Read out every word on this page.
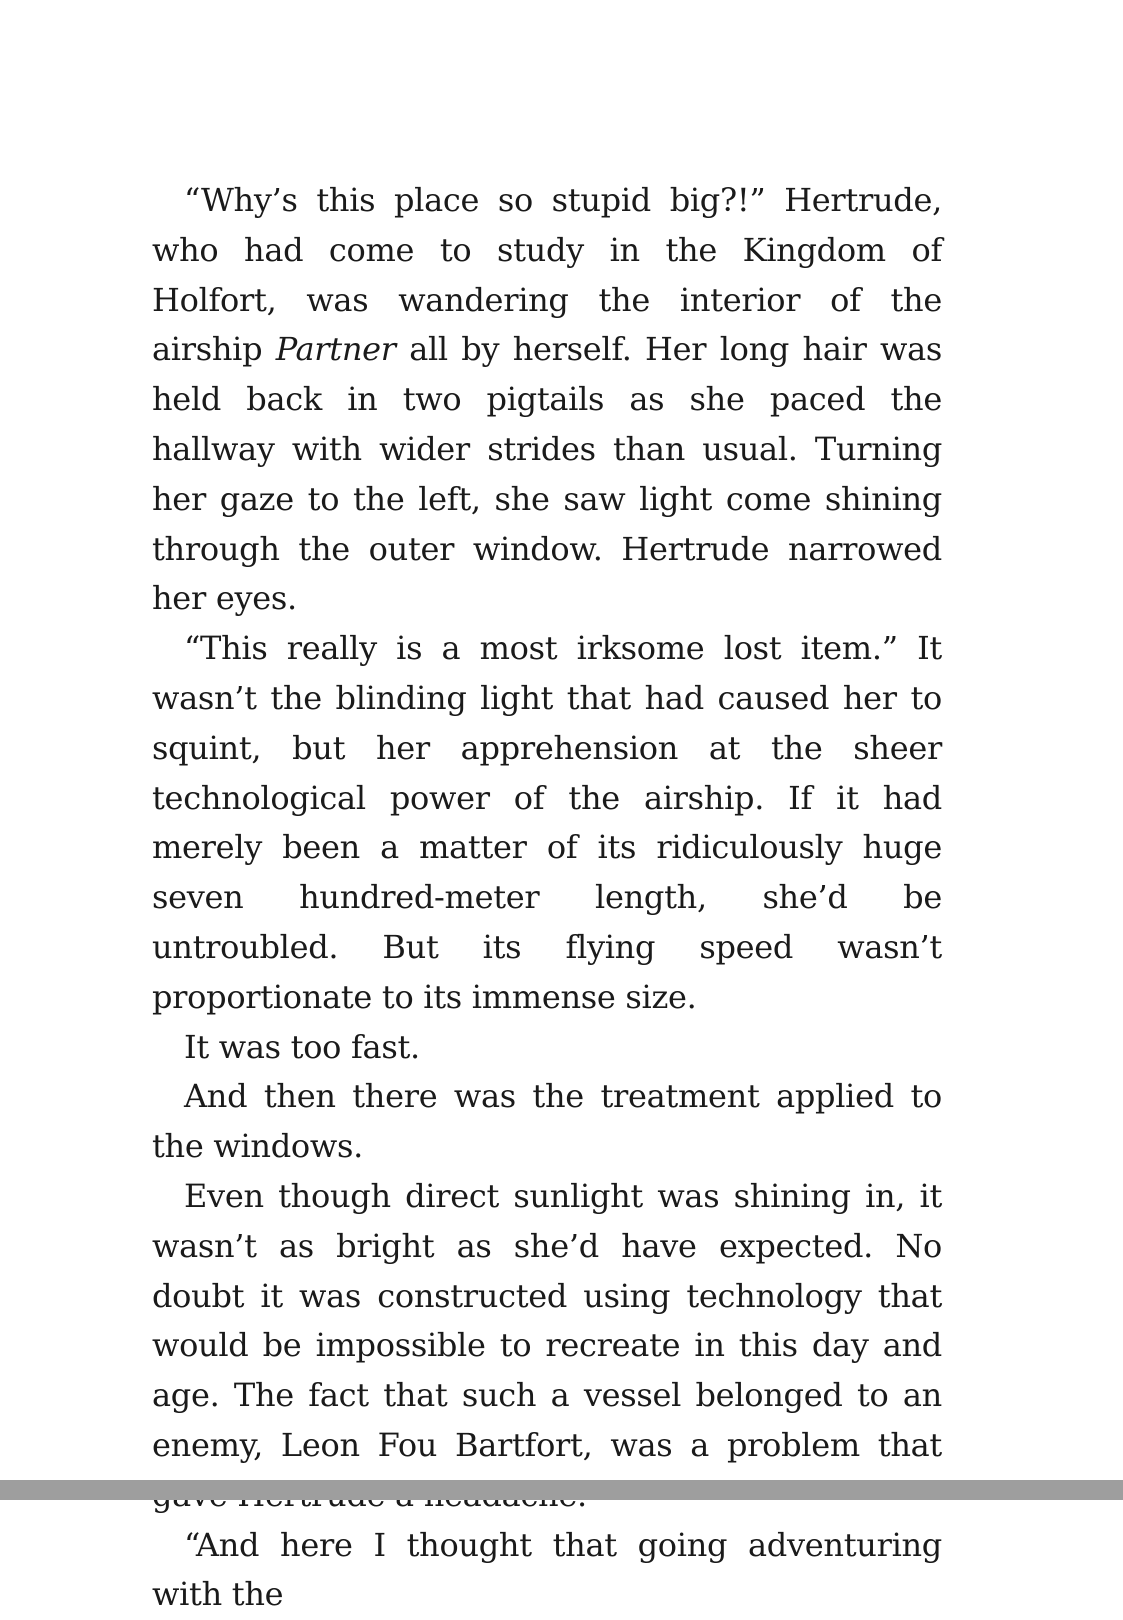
“Why’s this place so stupid big?!” Hertrude, who had come to study in the Kingdom of Holfort, was wandering the interior of the airship Partner all by herself. Her long hair was held back in two pigtails as she paced the hallway with wider strides than usual. Turning her gaze to the left, she saw light come shining through the outer window. Hertrude narrowed her eyes.

“This really is a most irksome lost item.” It wasn’t the blinding light that had caused her to squint, but her apprehension at the sheer technological power of the airship. If it had merely been a matter of its ridiculously huge seven hundred-meter length, she’d be untroubled. But its flying speed wasn’t proportionate to its immense size.

It was too fast.

And then there was the treatment applied to the windows.

Even though direct sunlight was shining in, it wasn’t as bright as she’d have expected. No doubt it was constructed using technology that would be impossible to recreate in this day and age. The fact that such a vessel belonged to an enemy, Leon Fou Bartfort, was a problem that

“And here I thought that going adventuring with the
